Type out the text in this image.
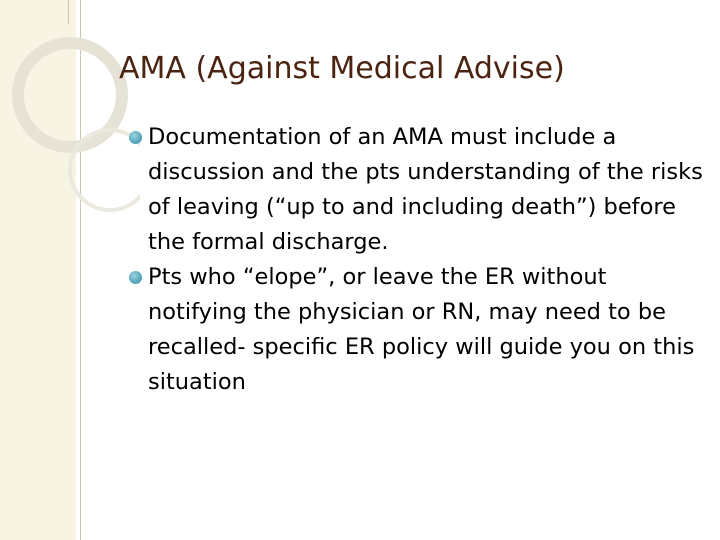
AMA (Against Medical Advise)
Documentation of an AMA must include a discussion and the pts understanding of the risks of leaving (“up to and including death”) before the formal discharge.
Pts who “elope”, or leave the ER without notifying the physician or RN, may need to be recalled- specific ER policy will guide you on this situation
